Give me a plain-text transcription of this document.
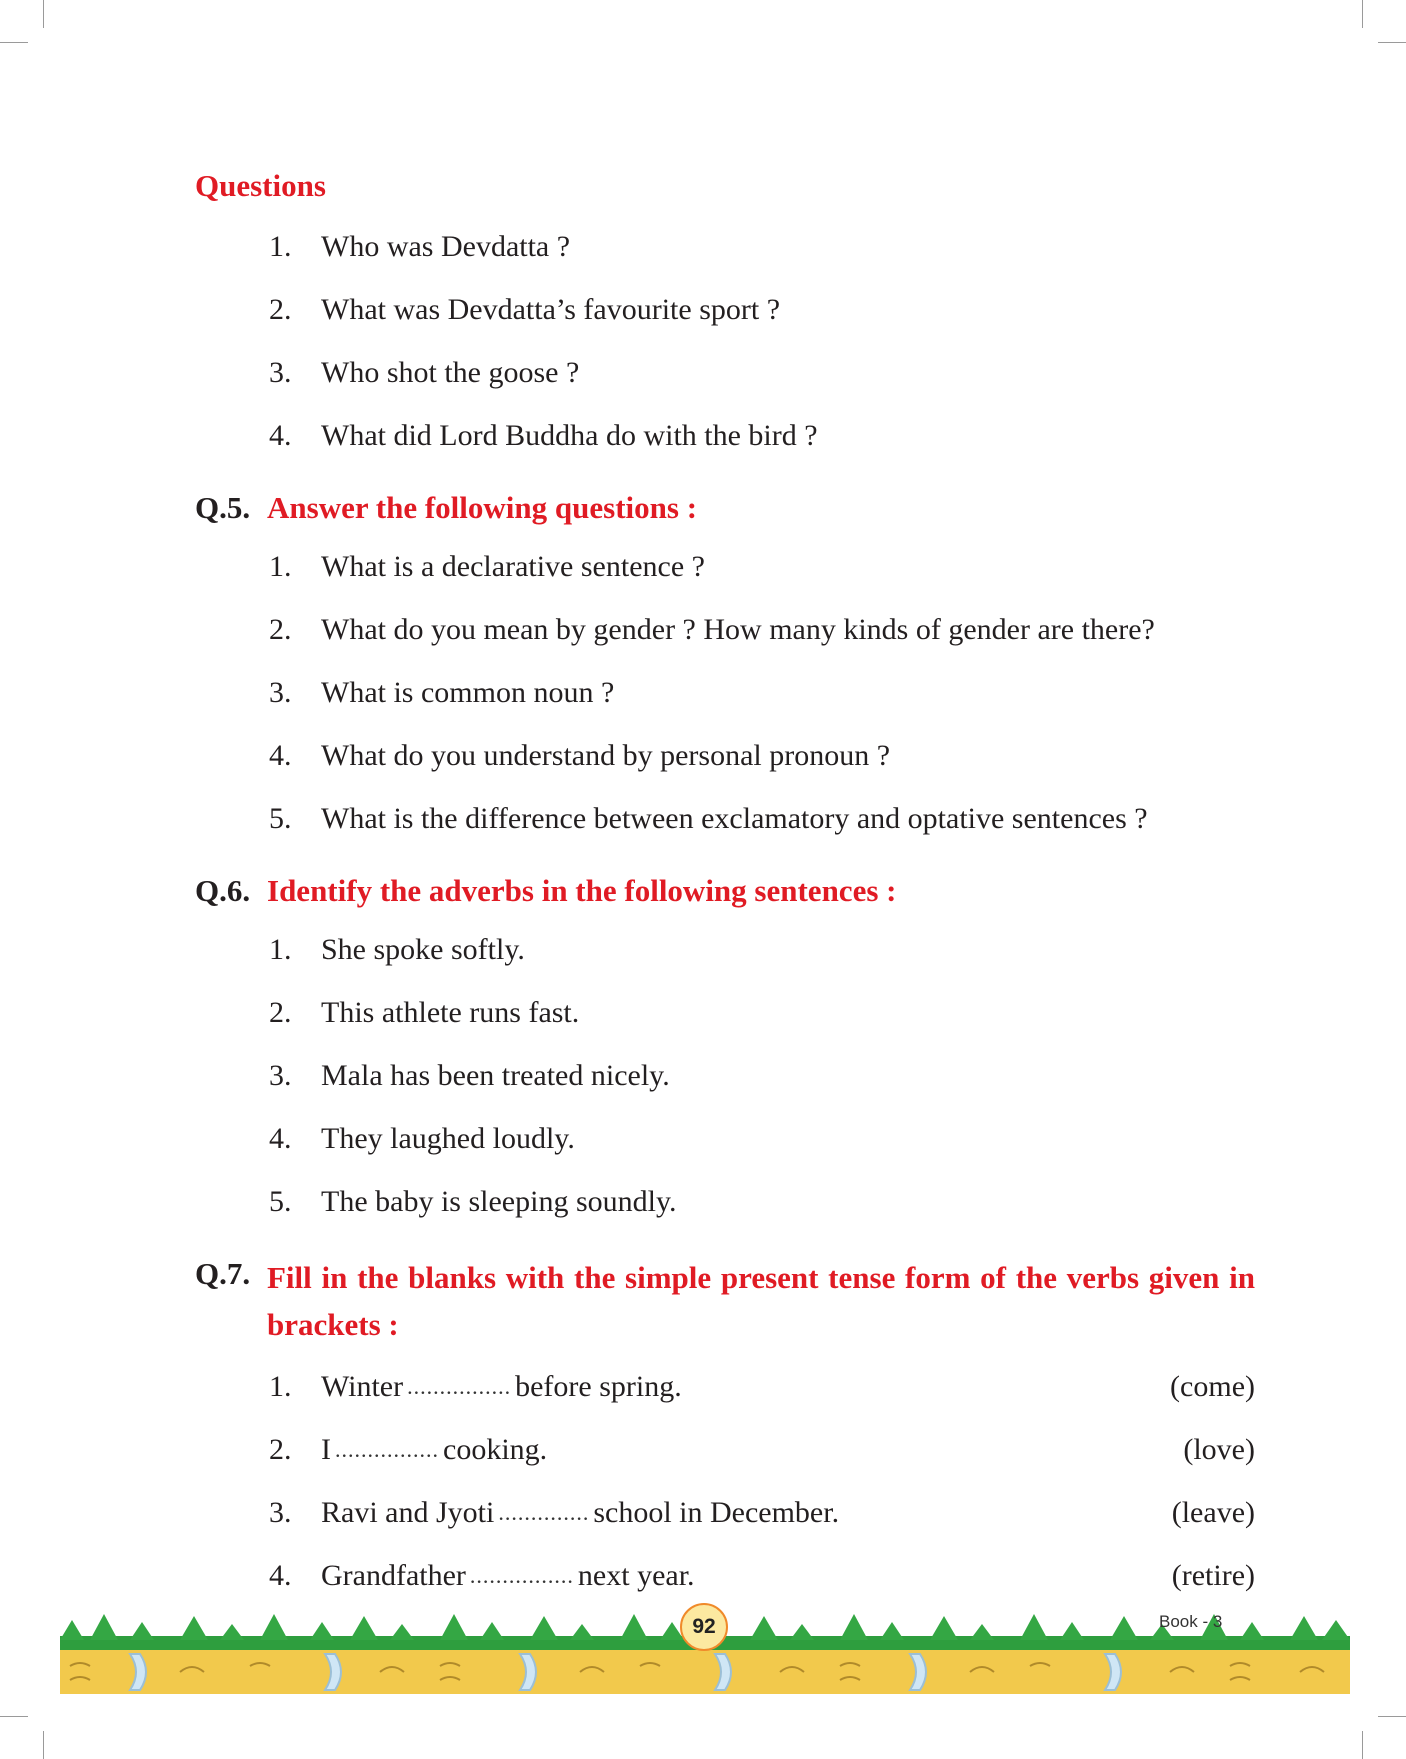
Questions
1. Who was Devdatta ?
2. What was Devdatta’s favourite sport ?
3. Who shot the goose ?
4. What did Lord Buddha do with the bird ?
Q.5. Answer the following questions :
1. What is a declarative sentence ?
2. What do you mean by gender ? How many kinds of gender are there?
3. What is common noun ?
4. What do you understand by personal pronoun ?
5. What is the difference between exclamatory and optative sentences ?
Q.6. Identify the adverbs in the following sentences :
1. She spoke softly.
2. This athlete runs fast.
3. Mala has been treated nicely.
4. They laughed loudly.
5. The baby is sleeping soundly.
Q.7. Fill in the blanks with the simple present tense form of the verbs given in brackets :
1. Winter ................ before spring.	(come)
2. I ................ cooking.	(love)
3. Ravi and Jyoti .............. school in December.	(leave)
4. Grandfather ................ next year.	(retire)
92	Book - 3
